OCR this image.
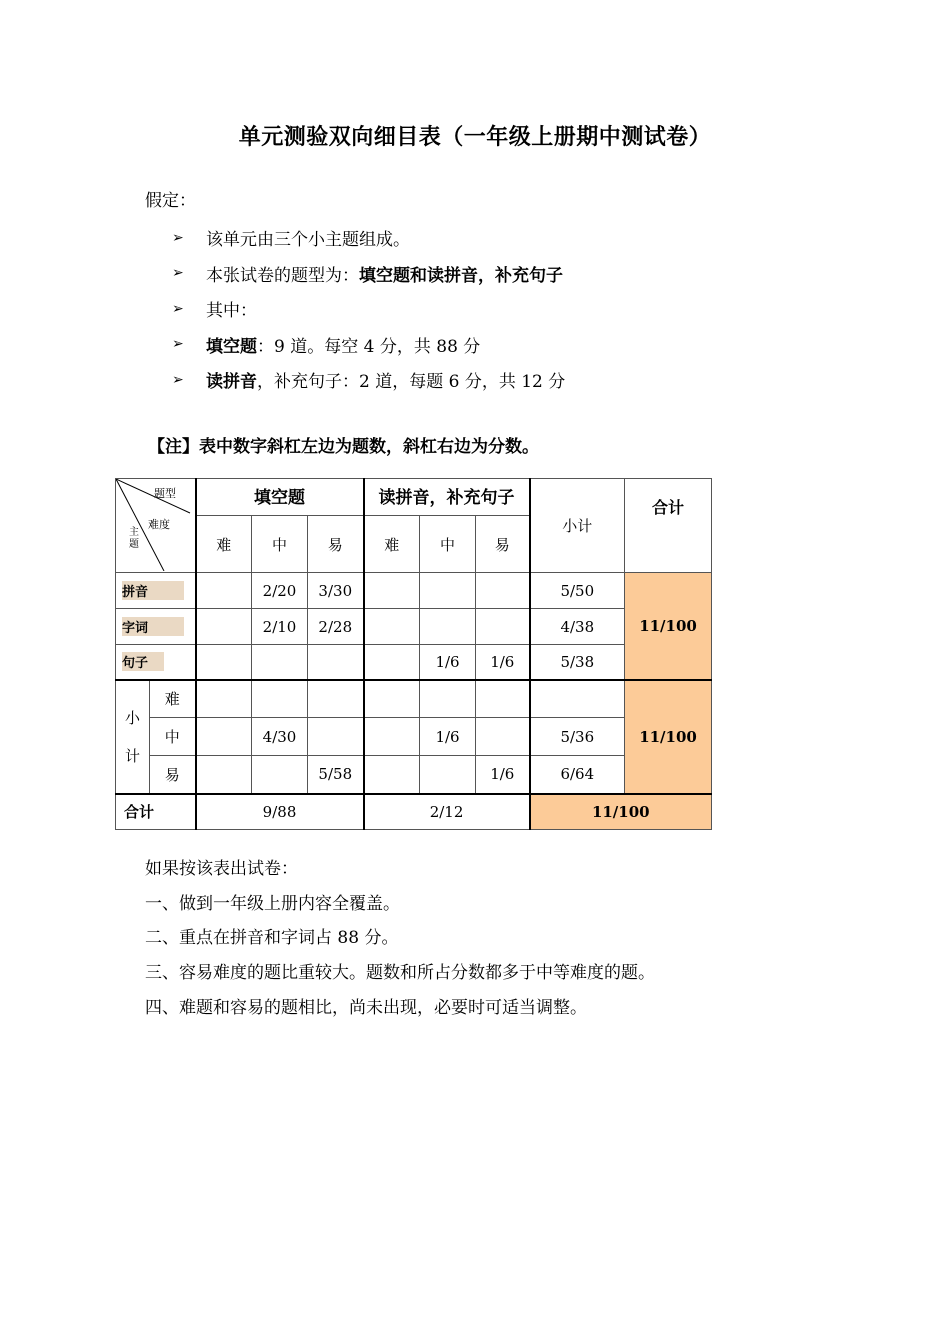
单元测验双向细目表（一年级上册期中测试卷）
假定：
➢	该单元由三个小主题组成。
➢	本张试卷的题型为： 填空题和读拼音，补充句子
➢	其中：
➢	填空题 ：9 道。每空 4 分，共 88 分
➢	读拼音 ，补充句子：2 道，每题 6 分，共 12 分
【注】表中数字斜杠左边为题数，斜杠右边为分数。
题型
难度
主题		填空题			读拼音，补充句子			小计	合计
		难	中	易	难	中	易		
拼音			2/20	3/30				5/50	11/100
字词			2/10	2/28				4/38	
句子						1/6	1/6	5/38	
小
计	难								11/100
	中		4/30			1/6		5/36	
	易			5/58			1/6	6/64	
合计		9/88			2/12			11/100	
如果按该表出试卷：
一、做到一年级上册内容全覆盖。
二、重点在拼音和字词占 88 分。
三、容易难度的题比重较大。题数和所占分数都多于中等难度的题。
四、难题和容易的题相比，尚未出现，必要时可适当调整。
